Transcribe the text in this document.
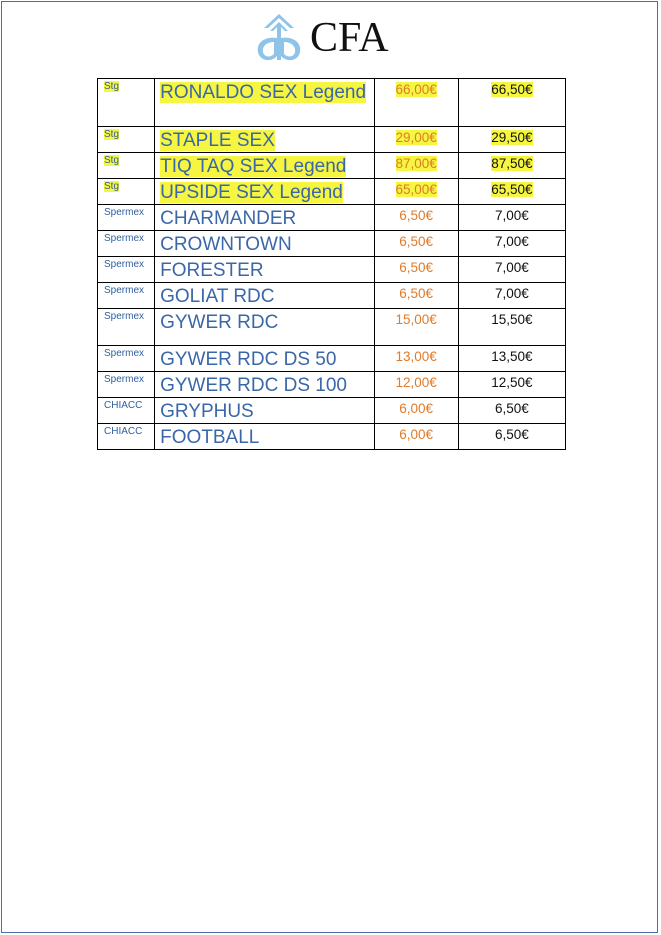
CFA
Stg	RONALDO SEX Legend	66,00€	66,50€

Stg	STAPLE SEX	29,00€	29,50€

Stg	TIQ TAQ SEX Legend	87,00€	87,50€

Stg	UPSIDE SEX Legend	65,00€	65,50€

Spermex	CHARMANDER	6,50€	7,00€

Spermex	CROWNTOWN	6,50€	7,00€

Spermex	FORESTER	6,50€	7,00€

Spermex	GOLIAT RDC	6,50€	7,00€

Spermex	GYWER RDC	15,00€	15,50€

Spermex	GYWER RDC DS 50	13,00€	13,50€

Spermex	GYWER RDC DS 100	12,00€	12,50€

CHIACC	GRYPHUS	6,00€	6,50€

CHIACC	FOOTBALL	6,00€	6,50€
